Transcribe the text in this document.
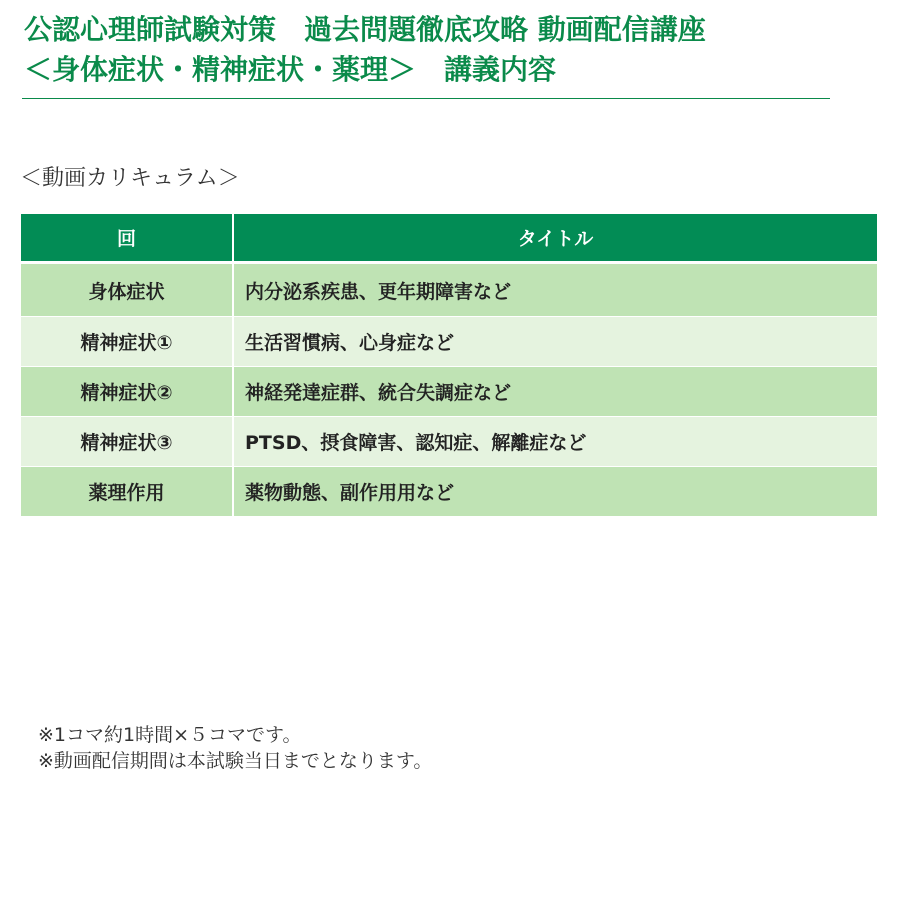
公認心理師試験対策　過去問題徹底攻略 動画配信講座
＜身体症状・精神症状・薬理＞　講義内容
＜動画カリキュラム＞
回	タイトル
身体症状	内分泌系疾患、更年期障害など
精神症状①	生活習慣病、心身症など
精神症状②	神経発達症群、統合失調症など
精神症状③	PTSD、摂食障害、認知症、解離症など
薬理作用	薬物動態、副作用用など
※1コマ約1時間×５コマです。
※動画配信期間は本試験当日までとなります。
